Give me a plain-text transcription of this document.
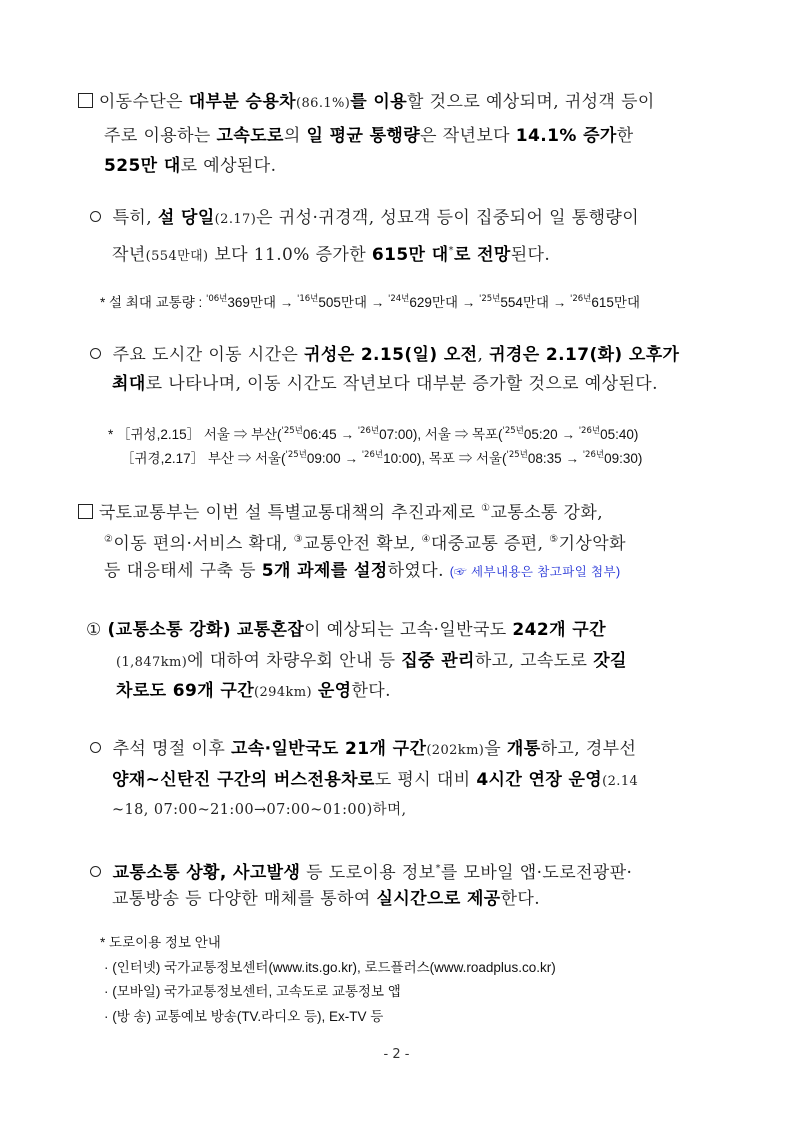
이동수단은 대부분 승용차(86.1%)를 이용할 것으로 예상되며, 귀성객 등이
주로 이용하는 고속도로의 일 평균 통행량은 작년보다 14.1% 증가한
525만 대로 예상된다.
특히, 설 당일(2.17)은 귀성·귀경객, 성묘객 등이 집중되어 일 통행량이
작년(554만대) 보다 11.0% 증가한 615만 대*로 전망된다.
* 설 최대 교통량 : $^{'06년}$369만대 → $^{'16년}$505만대 → $^{'24년}$629만대 → $^{'25년}$554만대 → $^{'26년}$615만대
주요 도시간 이동 시간은 귀성은 2.15(일) 오전, 귀경은 2.17(화) 오후가
최대로 나타나며, 이동 시간도 작년보다 대부분 증가할 것으로 예상된다.
* ［귀성,2.15］ 서울 ⇒ 부산($^{'25년}$06:45 → $^{'26년}$07:00), 서울 ⇒ 목포($^{'25년}$05:20 → $^{'26년}$05:40)
［귀경,2.17］ 부산 ⇒ 서울($^{'25년}$09:00 → $^{'26년}$10:00), 목포 ⇒ 서울($^{'25년}$08:35 → $^{'26년}$09:30)
국토교통부는 이번 설 특별교통대책의 추진과제로 ①교통소통 강화,
②이동 편의·서비스 확대, ③교통안전 확보, ④대중교통 증편, ⑤기상악화
등 대응태세 구축 등 5개 과제를 설정하였다. (☞ 세부내용은 참고파일 첨부)
① (교통소통 강화) 교통혼잡이 예상되는 고속·일반국도 242개 구간
(1,847km)에 대하여 차량우회 안내 등 집중 관리하고, 고속도로 갓길
차로도 69개 구간(294km) 운영한다.
추석 명절 이후 고속·일반국도 21개 구간(202km)을 개통하고, 경부선
양재~신탄진 구간의 버스전용차로도 평시 대비 4시간 연장 운영(2.14
~18, 07:00~21:00→07:00~01:00)하며,
교통소통 상황, 사고발생 등 도로이용 정보*를 모바일 앱·도로전광판·
교통방송 등 다양한 매체를 통하여 실시간으로 제공한다.
* 도로이용 정보 안내
· (인터넷) 국가교통정보센터(www.its.go.kr), 로드플러스(www.roadplus.co.kr)
· (모바일) 국가교통정보센터, 고속도로 교통정보 앱
· (방 송) 교통예보 방송(TV.라디오 등), Ex-TV 등
- 2 -
